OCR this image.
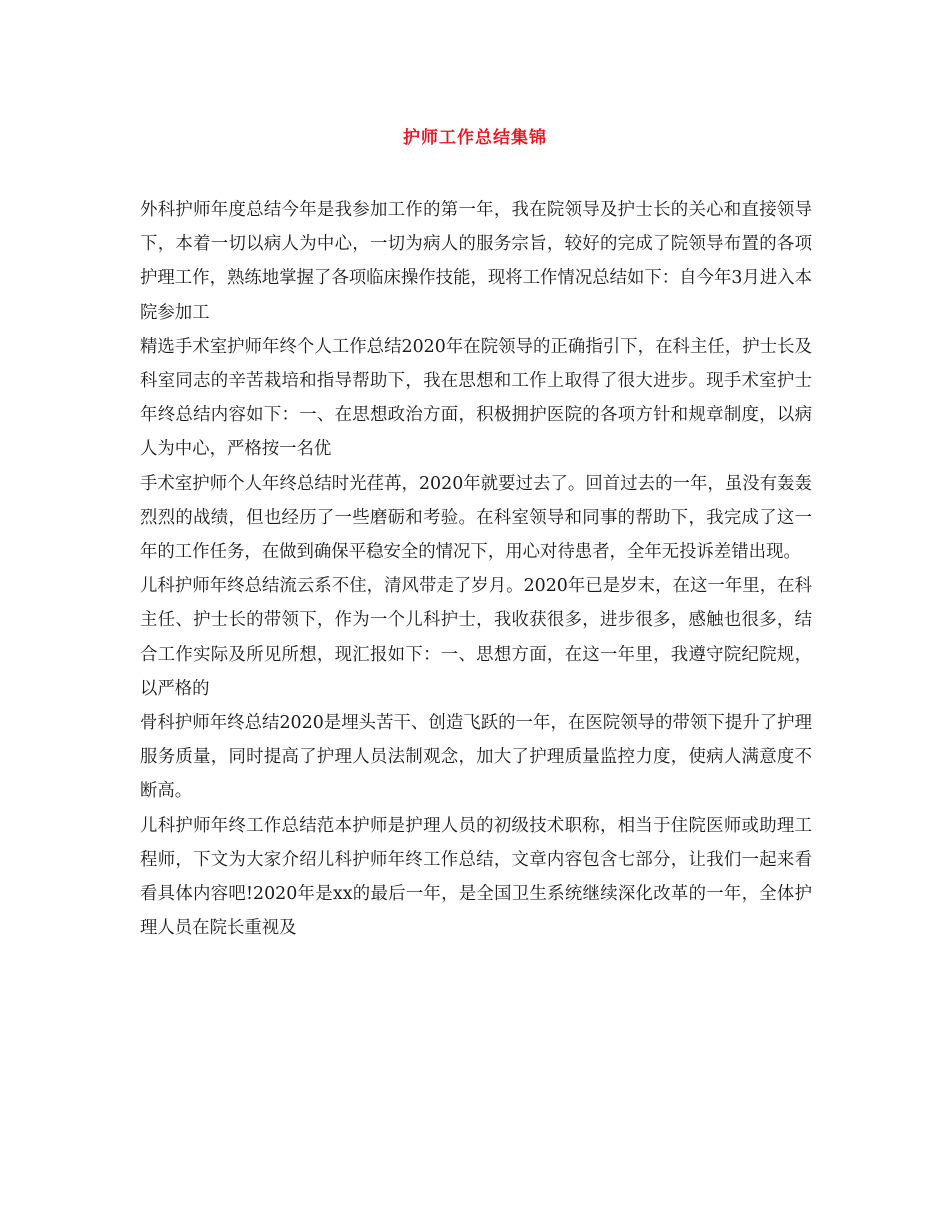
护师工作总结集锦

外科护师年度总结今年是我参加工作的第一年，我在院领导及护士长的关心和直接领导下，本着一切以病人为中心，一切为病人的服务宗旨，较好的完成了院领导布置的各项护理工作，熟练地掌握了各项临床操作技能，现将工作情况总结如下：自今年3月进入本院参加工

精选手术室护师年终个人工作总结2020年在院领导的正确指引下，在科主任，护士长及科室同志的辛苦栽培和指导帮助下，我在思想和工作上取得了很大进步。现手术室护士年终总结内容如下：一、在思想政治方面，积极拥护医院的各项方针和规章制度，以病人为中心，严格按一名优

手术室护师个人年终总结时光荏苒，2020年就要过去了。回首过去的一年，虽没有轰轰烈烈的战绩，但也经历了一些磨砺和考验。在科室领导和同事的帮助下，我完成了这一年的工作任务，在做到确保平稳安全的情况下，用心对待患者，全年无投诉差错出现。

儿科护师年终总结流云系不住，清风带走了岁月。2020年已是岁末，在这一年里，在科主任、护士长的带领下，作为一个儿科护士，我收获很多，进步很多，感触也很多，结合工作实际及所见所想，现汇报如下：一、思想方面，在这一年里，我遵守院纪院规，以严格的

骨科护师年终总结2020是埋头苦干、创造飞跃的一年，在医院领导的带领下提升了护理服务质量，同时提高了护理人员法制观念，加大了护理质量监控力度，使病人满意度不断高。

儿科护师年终工作总结范本护师是护理人员的初级技术职称，相当于住院医师或助理工程师，下文为大家介绍儿科护师年终工作总结，文章内容包含七部分，让我们一起来看看具体内容吧!2020年是xx的最后一年，是全国卫生系统继续深化改革的一年，全体护理人员在院长重视及
